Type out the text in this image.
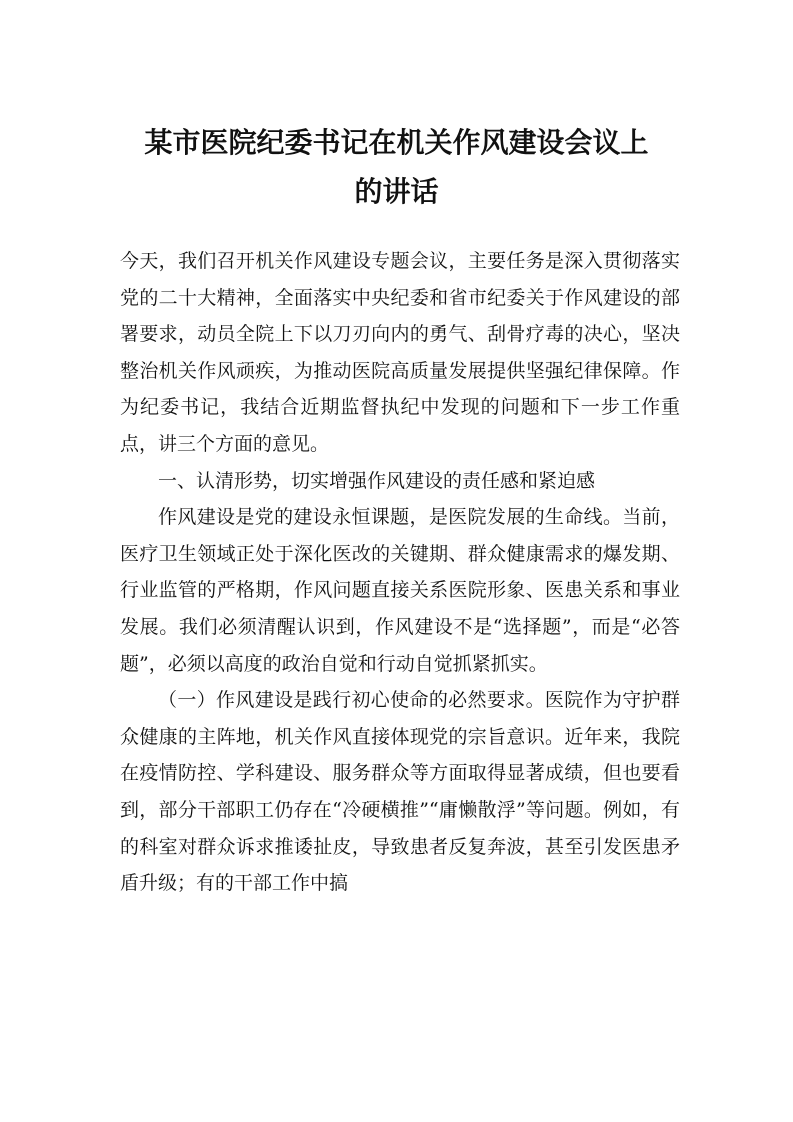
某市医院纪委书记在机关作风建设会议上
的讲话

今天，我们召开机关作风建设专题会议，主要任务是深入贯彻落实党的二十大精神，全面落实中央纪委和省市纪委关于作风建设的部署要求，动员全院上下以刀刃向内的勇气、刮骨疗毒的决心，坚决整治机关作风顽疾，为推动医院高质量发展提供坚强纪律保障。作为纪委书记，我结合近期监督执纪中发现的问题和下一步工作重点，讲三个方面的意见。

一、认清形势，切实增强作风建设的责任感和紧迫感

作风建设是党的建设永恒课题，是医院发展的生命线。当前，医疗卫生领域正处于深化医改的关键期、群众健康需求的爆发期、行业监管的严格期，作风问题直接关系医院形象、医患关系和事业发展。我们必须清醒认识到，作风建设不是“选择题”，而是“必答题”，必须以高度的政治自觉和行动自觉抓紧抓实。

（一）作风建设是践行初心使命的必然要求。医院作为守护群众健康的主阵地，机关作风直接体现党的宗旨意识。近年来，我院在疫情防控、学科建设、服务群众等方面取得显著成绩，但也要看到，部分干部职工仍存在“冷硬横推”“庸懒散浮”等问题。例如，有的科室对群众诉求推诿扯皮，导致患者反复奔波，甚至引发医患矛盾升级；有的干部工作中搞
